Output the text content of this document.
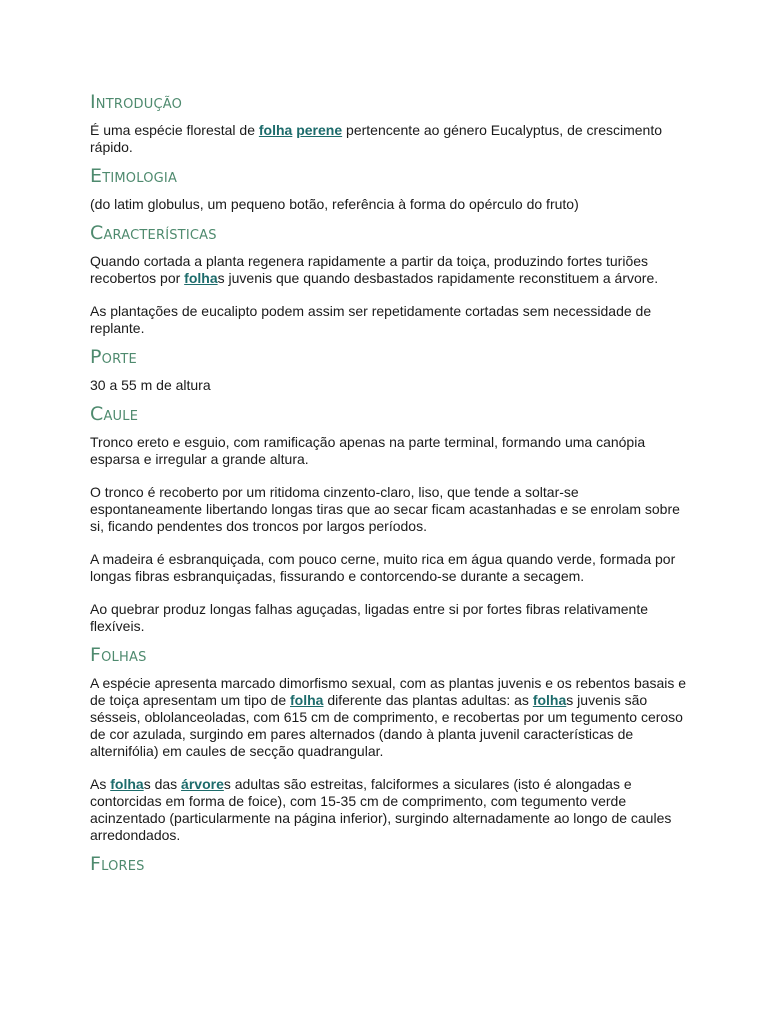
Introdução

É uma espécie florestal de folha perene pertencente ao género Eucalyptus, de crescimento rápido.

Etimologia

(do latim globulus, um pequeno botão, referência à forma do opérculo do fruto)

Características

Quando cortada a planta regenera rapidamente a partir da toiça, produzindo fortes turiões recobertos por folhas juvenis que quando desbastados rapidamente reconstituem a árvore.

As plantações de eucalipto podem assim ser repetidamente cortadas sem necessidade de replante.

Porte

30 a 55 m de altura

Caule

Tronco ereto e esguio, com ramificação apenas na parte terminal, formando uma canópia esparsa e irregular a grande altura.

O tronco é recoberto por um ritidoma cinzento-claro, liso, que tende a soltar-se espontaneamente libertando longas tiras que ao secar ficam acastanhadas e se enrolam sobre si, ficando pendentes dos troncos por largos períodos.

A madeira é esbranquiçada, com pouco cerne, muito rica em água quando verde, formada por longas fibras esbranquiçadas, fissurando e contorcendo-se durante a secagem.

Ao quebrar produz longas falhas aguçadas, ligadas entre si por fortes fibras relativamente flexíveis.

Folhas

A espécie apresenta marcado dimorfismo sexual, com as plantas juvenis e os rebentos basais e de toiça apresentam um tipo de folha diferente das plantas adultas: as folhas juvenis são sésseis, oblolanceoladas, com 615 cm de comprimento, e recobertas por um tegumento ceroso de cor azulada, surgindo em pares alternados (dando à planta juvenil características de alternifólia) em caules de secção quadrangular.

As folhas das árvores adultas são estreitas, falciformes a siculares (isto é alongadas e contorcidas em forma de foice), com 15-35 cm de comprimento, com tegumento verde acinzentado (particularmente na página inferior), surgindo alternadamente ao longo de caules arredondados.

Flores
